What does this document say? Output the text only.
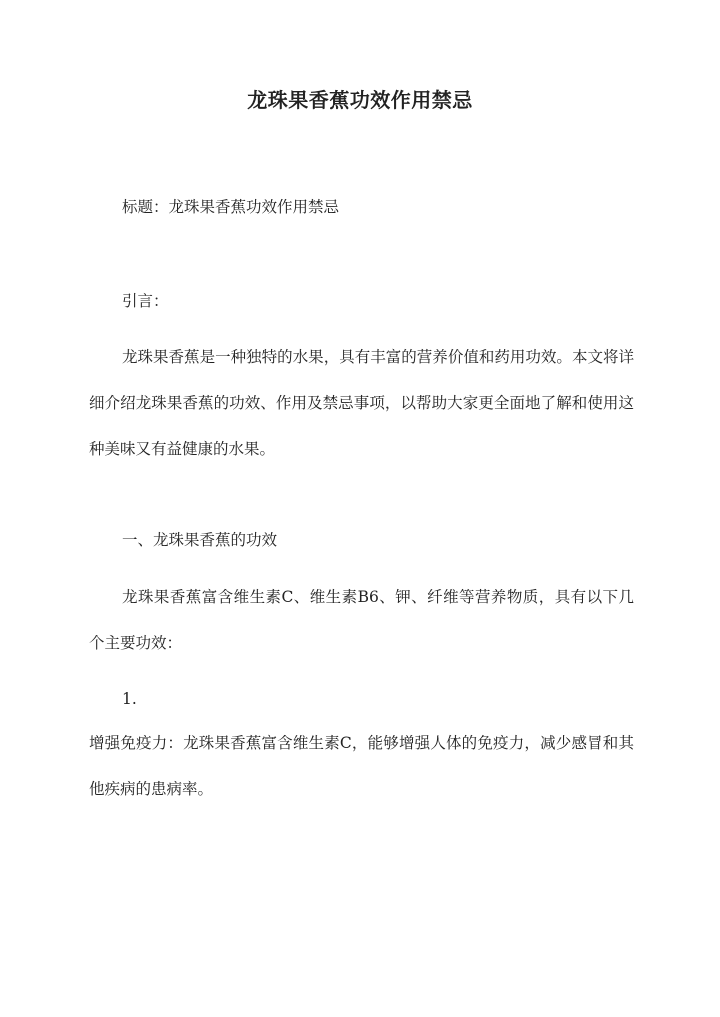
龙珠果香蕉功效作用禁忌
标题：龙珠果香蕉功效作用禁忌
引言：
龙珠果香蕉是一种独特的水果，具有丰富的营养价值和药用功效。本文将详细介绍龙珠果香蕉的功效、作用及禁忌事项，以帮助大家更全面地了解和使用这种美味又有益健康的水果。
一、龙珠果香蕉的功效
龙珠果香蕉富含维生素C、维生素B6、钾、纤维等营养物质，具有以下几个主要功效：
1.
增强免疫力：龙珠果香蕉富含维生素C，能够增强人体的免疫力，减少感冒和其他疾病的患病率。
